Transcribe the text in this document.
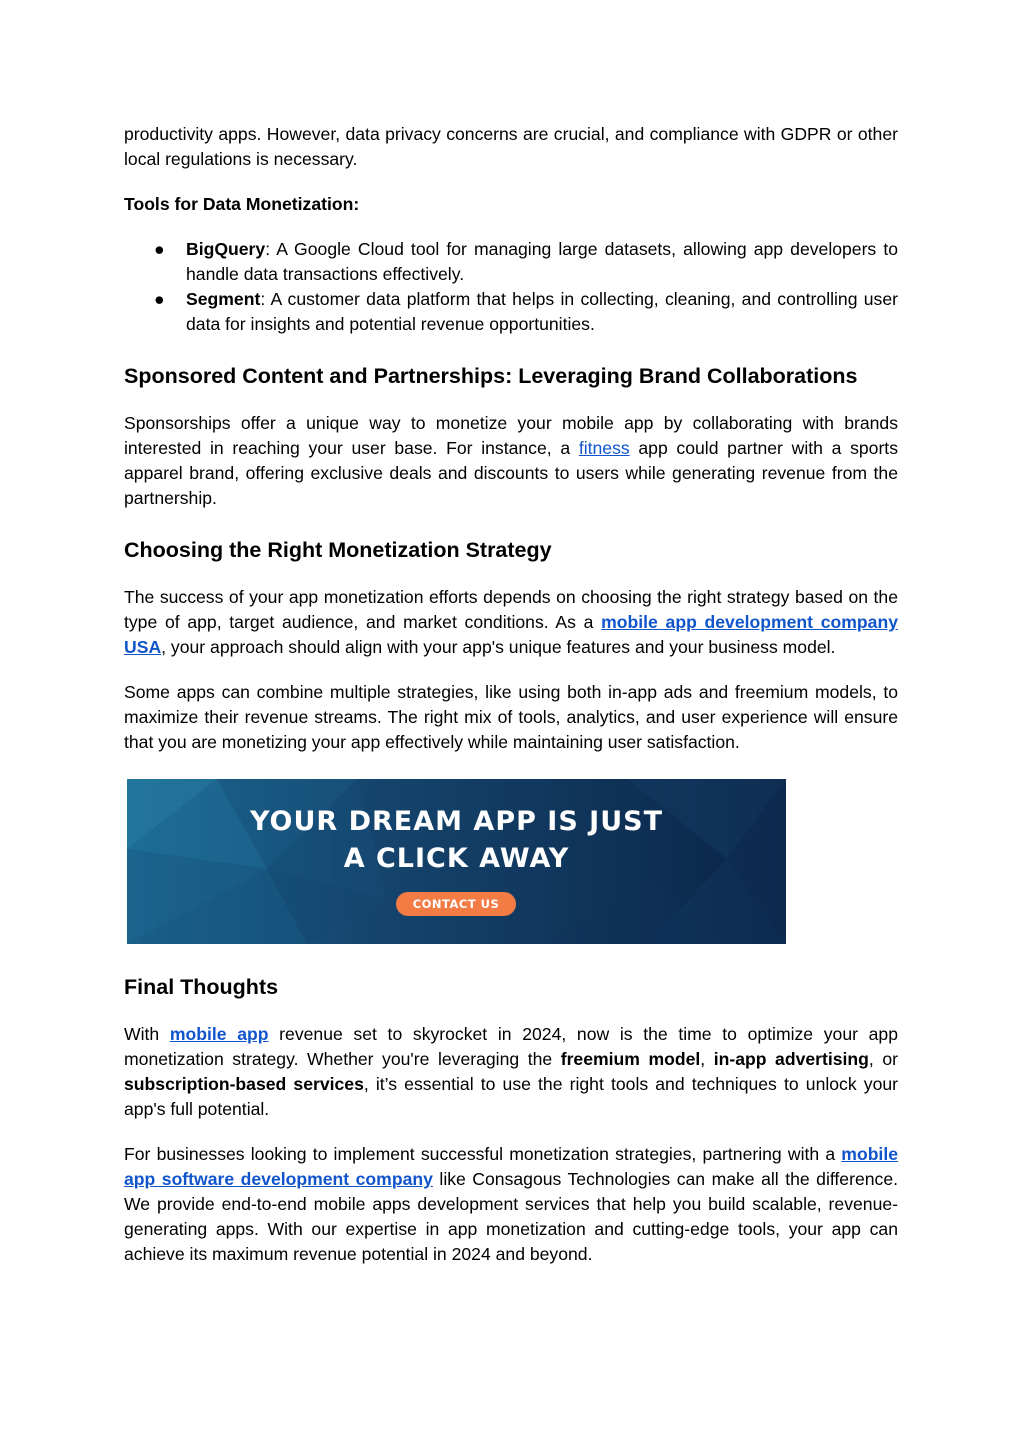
productivity apps. However, data privacy concerns are crucial, and compliance with GDPR or other local regulations is necessary.

Tools for Data Monetization:

● BigQuery: A Google Cloud tool for managing large datasets, allowing app developers to handle data transactions effectively.
● Segment: A customer data platform that helps in collecting, cleaning, and controlling user data for insights and potential revenue opportunities.
Sponsored Content and Partnerships: Leveraging Brand Collaborations

Sponsorships offer a unique way to monetize your mobile app by collaborating with brands interested in reaching your user base. For instance, a fitness app could partner with a sports apparel brand, offering exclusive deals and discounts to users while generating revenue from the partnership.

Choosing the Right Monetization Strategy

The success of your app monetization efforts depends on choosing the right strategy based on the type of app, target audience, and market conditions. As a mobile app development company USA, your approach should align with your app's unique features and your business model.

Some apps can combine multiple strategies, like using both in-app ads and freemium models, to maximize their revenue streams. The right mix of tools, analytics, and user experience will ensure that you are monetizing your app effectively while maintaining user satisfaction.

YOUR DREAM APP IS JUST
A CLICK AWAY
CONTACT US
Final Thoughts

With mobile app revenue set to skyrocket in 2024, now is the time to optimize your app monetization strategy. Whether you're leveraging the freemium model, in-app advertising, or subscription-based services, it’s essential to use the right tools and techniques to unlock your app's full potential.

For businesses looking to implement successful monetization strategies, partnering with a mobile app software development company like Consagous Technologies can make all the difference. We provide end-to-end mobile apps development services that help you build scalable, revenue-generating apps. With our expertise in app monetization and cutting-edge tools, your app can achieve its maximum revenue potential in 2024 and beyond.
